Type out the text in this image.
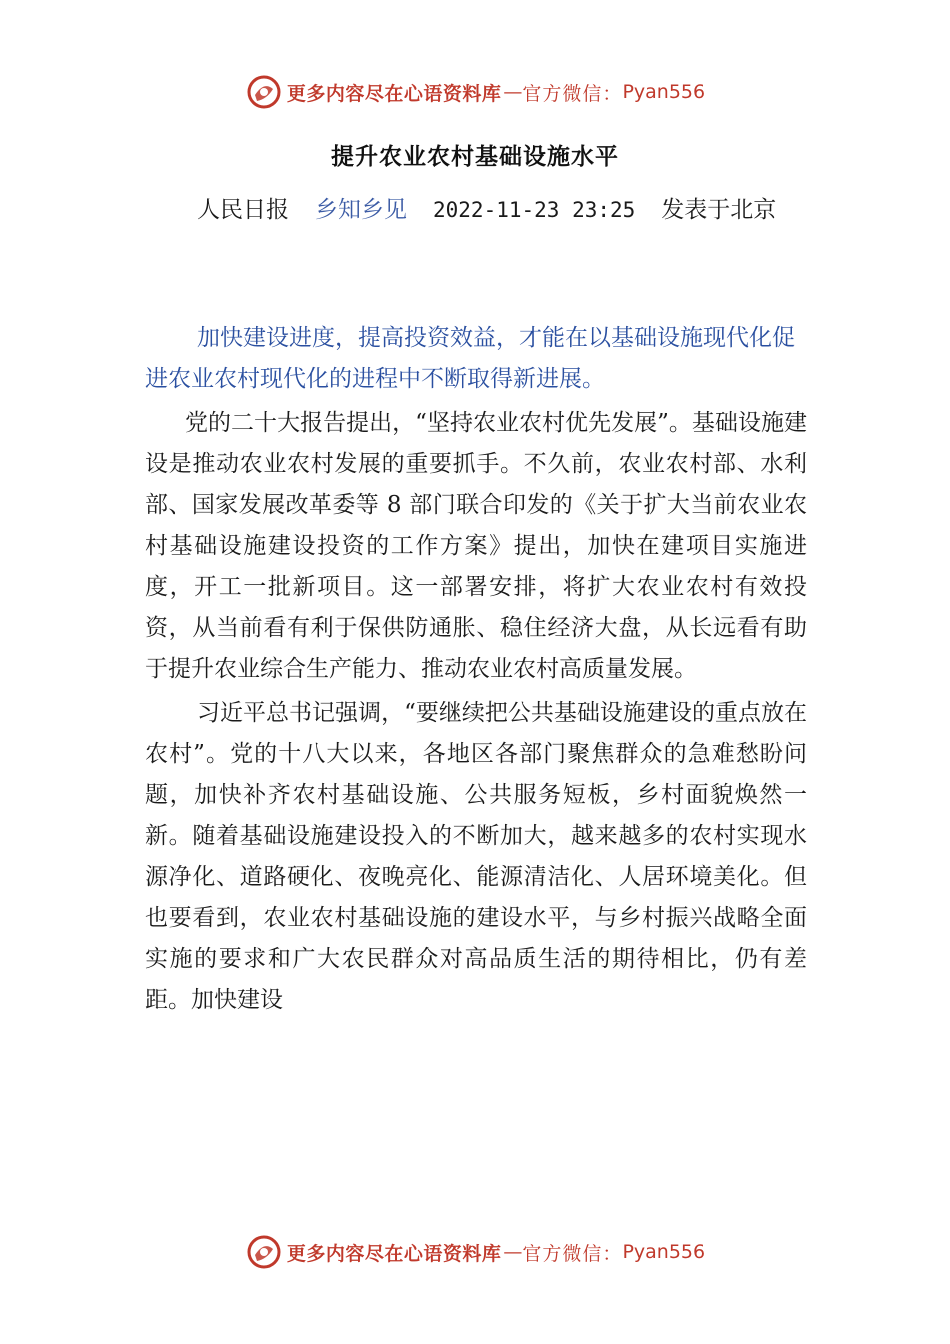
更多内容尽在心语资料库 — 官方微信： Pyan556
提升农业农村基础设施水平
人民日报 乡知乡见 2022-11-23 23:25 发表于北京

加快建设进度，提高投资效益，才能在以基础设施现代化促进农业农村现代化的进程中不断取得新进展。

党的二十大报告提出，“坚持农业农村优先发展”。基础设施建设是推动农业农村发展的重要抓手。不久前，农业农村部、水利部、国家发展改革委等 8 部门联合印发的《关于扩大当前农业农村基础设施建设投资的工作方案》提出，加快在建项目实施进度，开工一批新项目。这一部署安排，将扩大农业农村有效投资，从当前看有利于保供防通胀、稳住经济大盘，从长远看有助于提升农业综合生产能力、推动农业农村高质量发展。

习近平总书记强调，“要继续把公共基础设施建设的重点放在农村”。党的十八大以来，各地区各部门聚焦群众的急难愁盼问题，加快补齐农村基础设施、公共服务短板，乡村面貌焕然一新。随着基础设施建设投入的不断加大，越来越多的农村实现水源净化、道路硬化、夜晚亮化、能源清洁化、人居环境美化。但也要看到，农业农村基础设施的建设水平，与乡村振兴战略全面实施的要求和广大农民群众对高品质生活的期待相比，仍有差距。加快建设

更多内容尽在心语资料库 — 官方微信： Pyan556
